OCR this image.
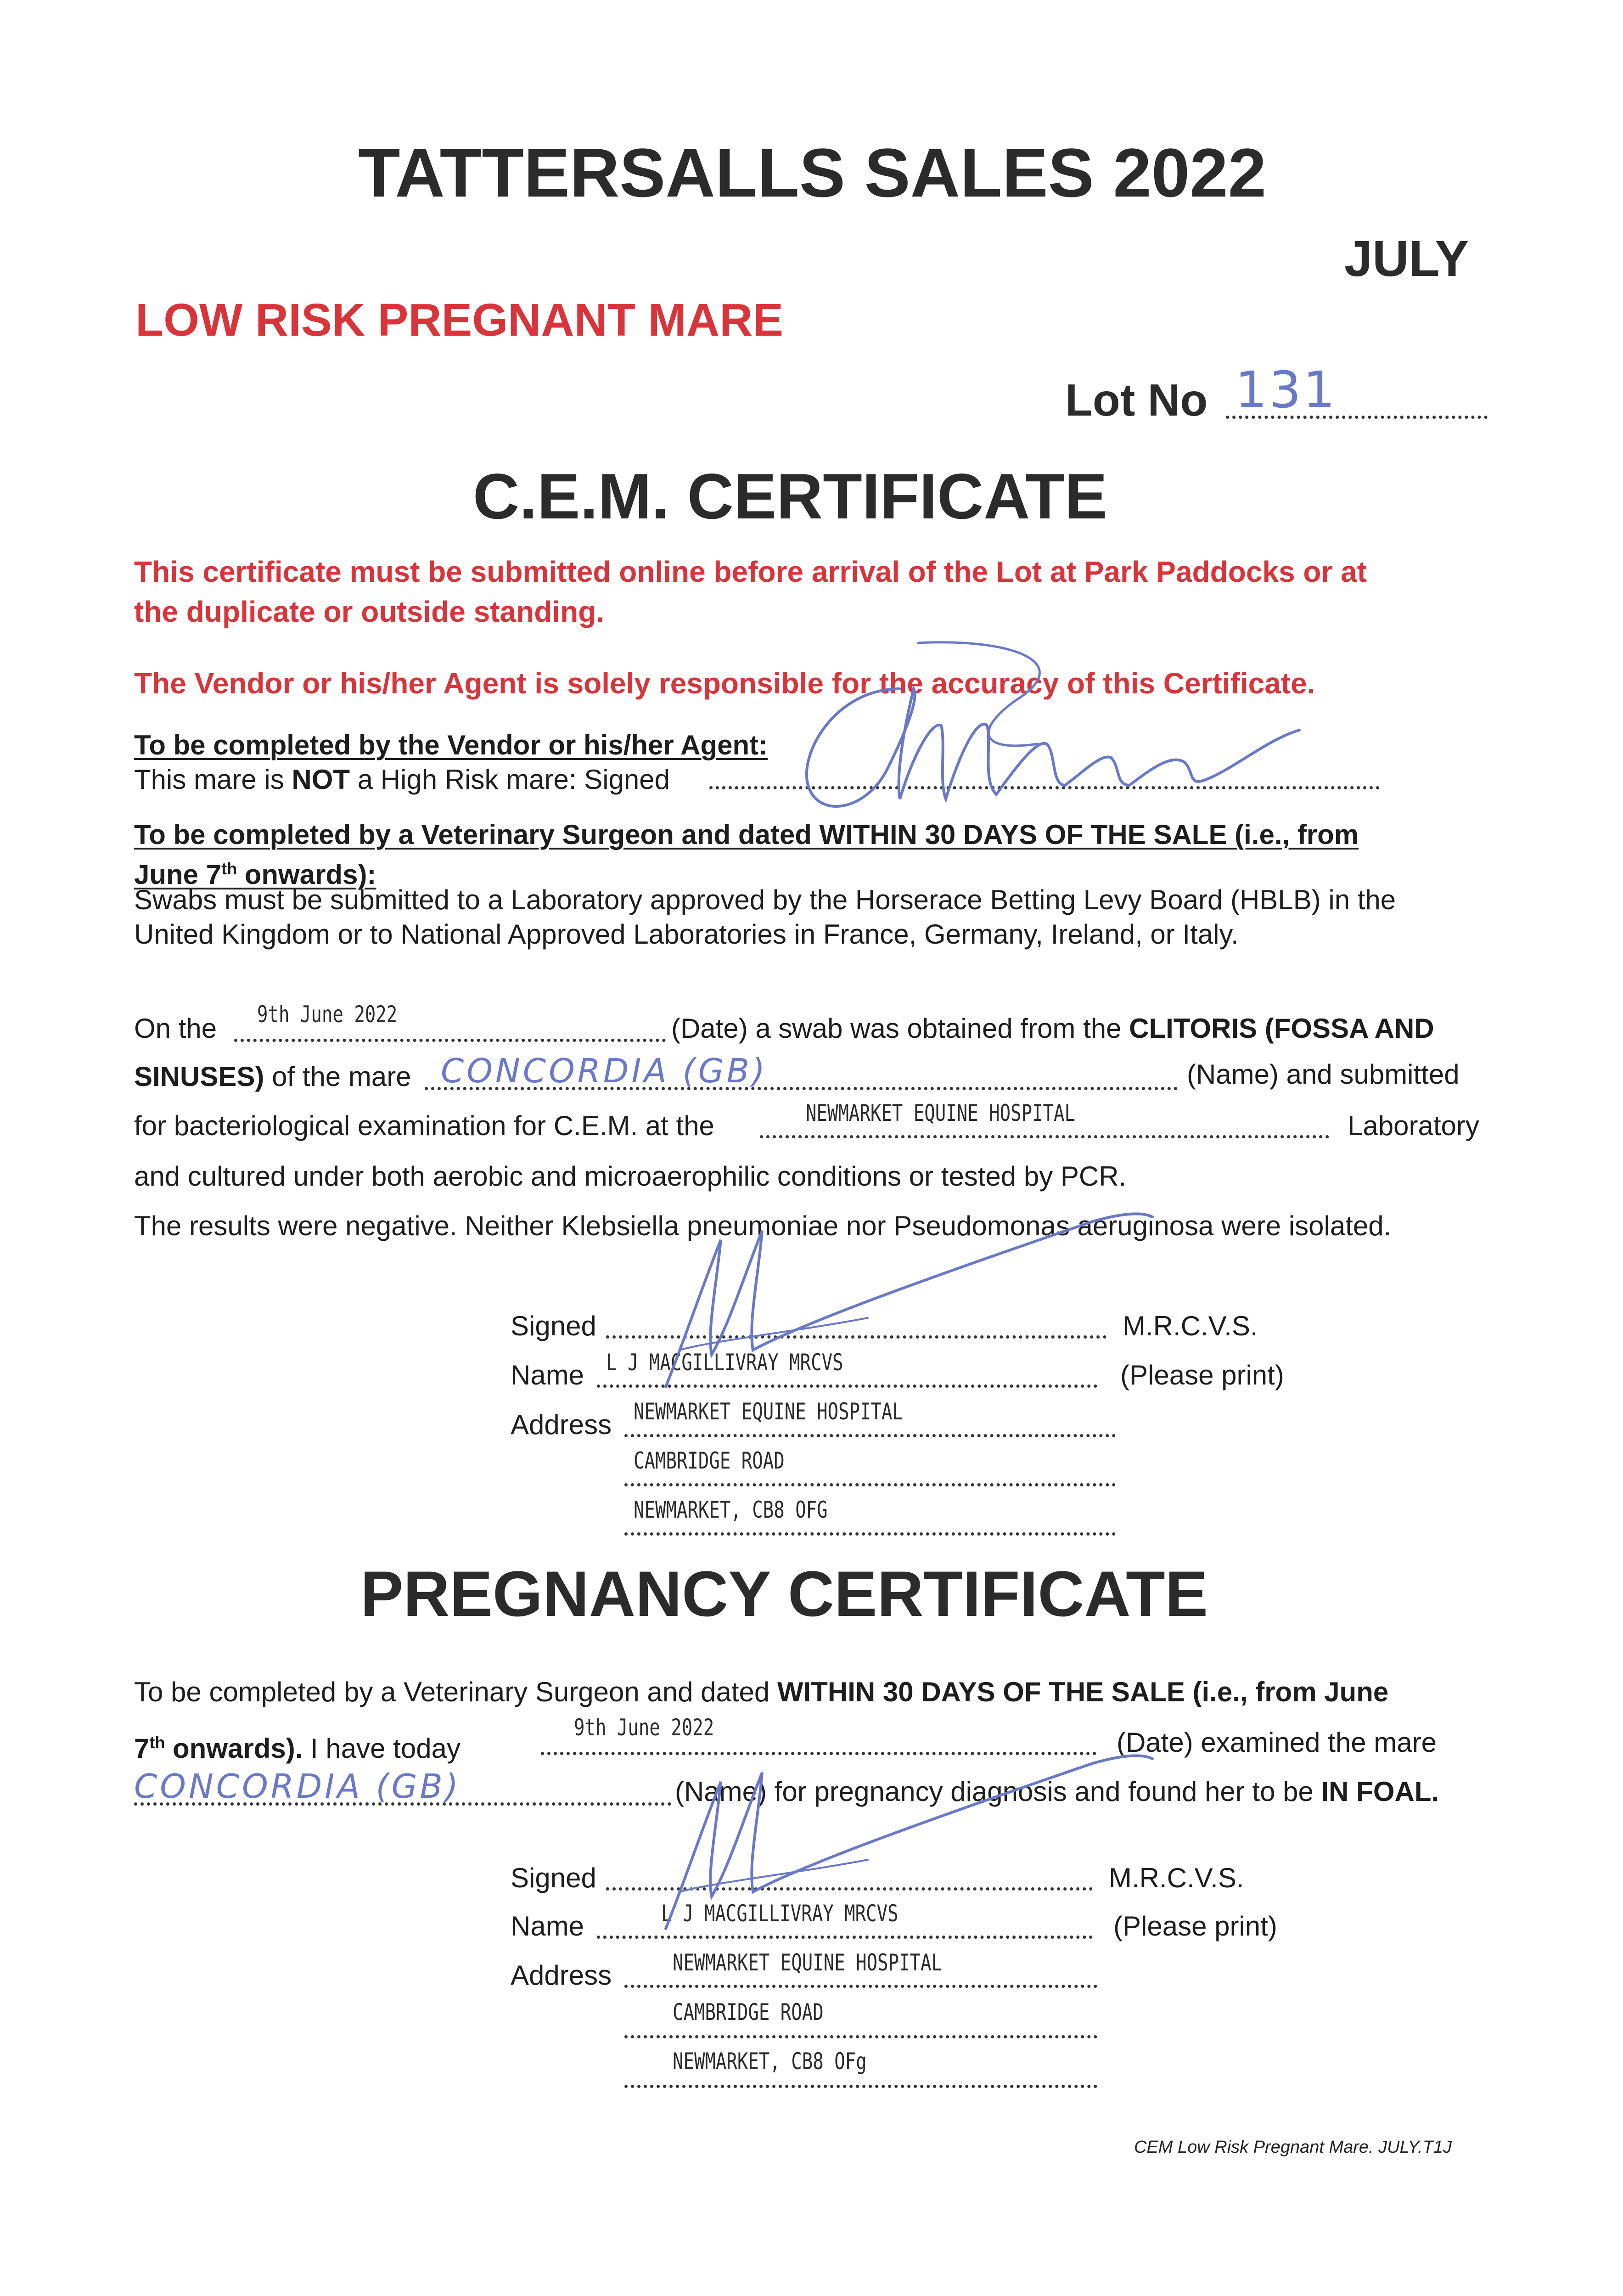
TATTERSALLS SALES 2022
JULY
LOW RISK PREGNANT MARE
Lot No 131
C.E.M. CERTIFICATE
This certificate must be submitted online before arrival of the Lot at Park Paddocks or at
the duplicate or outside standing.
The Vendor or his/her Agent is solely responsible for the accuracy of this Certificate.
To be completed by the Vendor or his/her Agent:
This mare is NOT a High Risk mare: Signed
To be completed by a Veterinary Surgeon and dated WITHIN 30 DAYS OF THE SALE (i.e., from
June 7th onwards):
Swabs must be submitted to a Laboratory approved by the Horserace Betting Levy Board (HBLB) in the
United Kingdom or to National Approved Laboratories in France, Germany, Ireland, or Italy.
On the 9th June 2022	(Date) a swab was obtained from the CLITORIS (FOSSA AND
SINUSES) of the mare CONCORDIA (GB)	(Name) and submitted
for bacteriological examination for C.E.M. at the	NEWMARKET EQUINE HOSPITAL	Laboratory
and cultured under both aerobic and microaerophilic conditions or tested by PCR.
The results were negative. Neither Klebsiella pneumoniae nor Pseudomonas aeruginosa were isolated.
Signed	M.R.C.V.S.
Name L J MACGILLIVRAY MRCVS	(Please print)
Address NEWMARKET EQUINE HOSPITAL
CAMBRIDGE ROAD
NEWMARKET, CB8 OFG
PREGNANCY CERTIFICATE
To be completed by a Veterinary Surgeon and dated WITHIN 30 DAYS OF THE SALE (i.e., from June
7th onwards). I have today
9th June 2022	(Date) examined the mare
CONCORDIA (GB)	(Name) for pregnancy diagnosis and found her to be IN FOAL.
Signed	M.R.C.V.S.
Name	L J MACGILLIVRAY MRCVS	(Please print)
Address	NEWMARKET EQUINE HOSPITAL
CAMBRIDGE ROAD
NEWMARKET, CB8 OFg
CEM Low Risk Pregnant Mare. JULY.T1J
